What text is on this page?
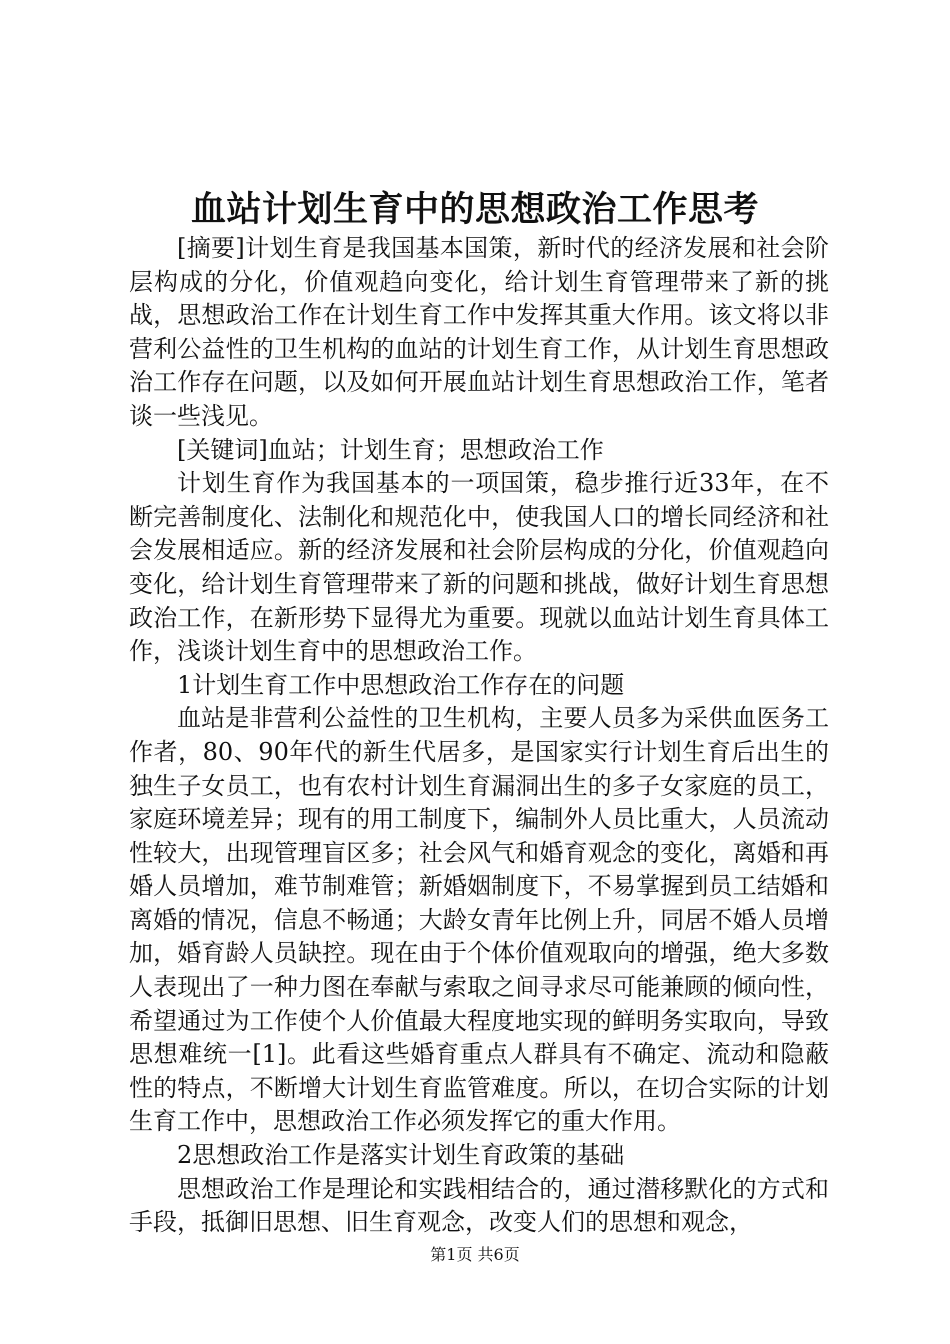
血站计划生育中的思想政治工作思考

[摘要]计划生育是我国基本国策，新时代的经济发展和社会阶层构成的分化，价值观趋向变化，给计划生育管理带来了新的挑战，思想政治工作在计划生育工作中发挥其重大作用。该文将以非营利公益性的卫生机构的血站的计划生育工作，从计划生育思想政治工作存在问题，以及如何开展血站计划生育思想政治工作，笔者谈一些浅见。

[关键词]血站；计划生育；思想政治工作

计划生育作为我国基本的一项国策，稳步推行近33年，在不断完善制度化、法制化和规范化中，使我国人口的增长同经济和社会发展相适应。新的经济发展和社会阶层构成的分化，价值观趋向变化，给计划生育管理带来了新的问题和挑战，做好计划生育思想政治工作，在新形势下显得尤为重要。现就以血站计划生育具体工作，浅谈计划生育中的思想政治工作。

1计划生育工作中思想政治工作存在的问题

血站是非营利公益性的卫生机构，主要人员多为采供血医务工作者，80、90年代的新生代居多，是国家实行计划生育后出生的独生子女员工，也有农村计划生育漏洞出生的多子女家庭的员工，家庭环境差异；现有的用工制度下，编制外人员比重大，人员流动性较大，出现管理盲区多；社会风气和婚育观念的变化，离婚和再婚人员增加，难节制难管；新婚姻制度下，不易掌握到员工结婚和离婚的情况，信息不畅通；大龄女青年比例上升，同居不婚人员增加，婚育龄人员缺控。现在由于个体价值观取向的增强，绝大多数人表现出了一种力图在奉献与索取之间寻求尽可能兼顾的倾向性，希望通过为工作使个人价值最大程度地实现的鲜明务实取向，导致思想难统一[1]。此看这些婚育重点人群具有不确定、流动和隐蔽性的特点，不断增大计划生育监管难度。所以，在切合实际的计划生育工作中，思想政治工作必须发挥它的重大作用。

2思想政治工作是落实计划生育政策的基础

思想政治工作是理论和实践相结合的，通过潜移默化的方式和手段，抵御旧思想、旧生育观念，改变人们的思想和观念，

第1页 共6页
